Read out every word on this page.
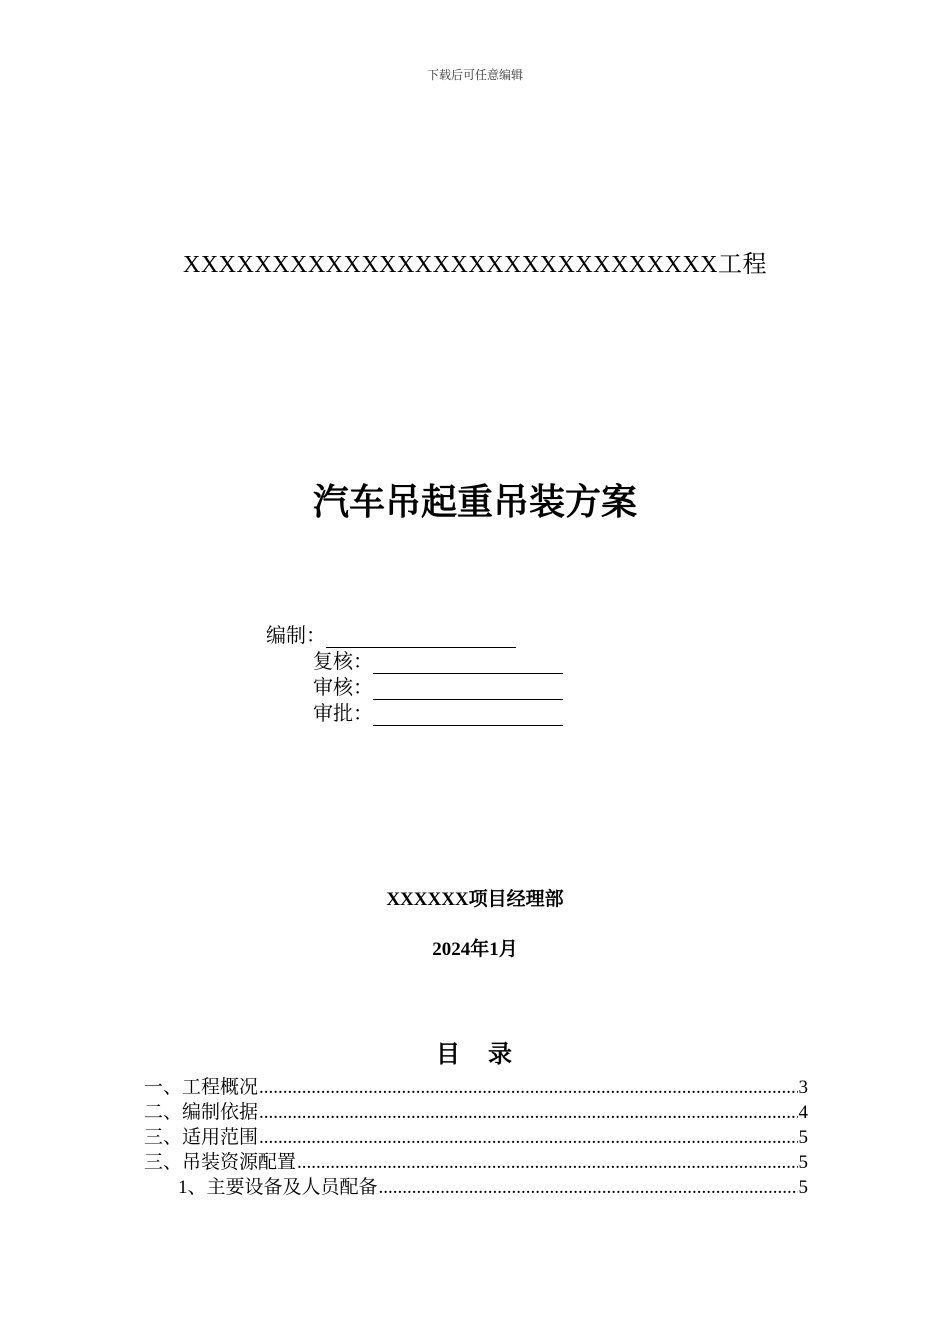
下载后可任意编辑
XXXXXXXXXXXXXXXXXXXXXXXXXXXXXX工程
汽车吊起重吊装方案
编制：
复核：
审核：
审批：
XXXXXX项目经理部
2024年1月
目　录
一、工程概况 .....	3
二、编制依据 .....	4
三、适用范围 .....	5
三、吊装资源配置 .....	5
1、主要设备及人员配备 .....	5
